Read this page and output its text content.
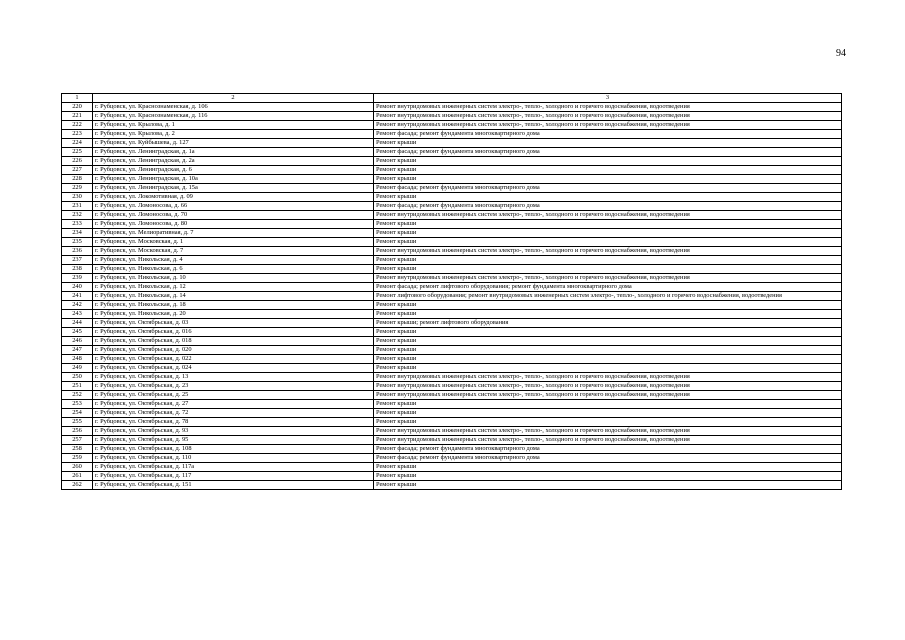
94
1	2	3
220	г. Рубцовск, ул. Краснознаменская, д. 106	Ремонт внутридомовых инженерных систем электро-, тепло-, холодного и горячего водоснабжения, водоотведения
221	г. Рубцовск, ул. Краснознаменская, д. 116	Ремонт внутридомовых инженерных систем электро-, тепло-, холодного и горячего водоснабжения, водоотведения
222	г. Рубцовск, ул. Крылова, д. 1	Ремонт внутридомовых инженерных систем электро-, тепло-, холодного и горячего водоснабжения, водоотведения
223	г. Рубцовск, ул. Крылова, д. 2	Ремонт фасада; ремонт фундамента многоквартирного дома
224	г. Рубцовск, ул. Куйбышева, д. 127	Ремонт крыши
225	г. Рубцовск, ул. Ленинградская, д. 1а	Ремонт фасада; ремонт фундамента многоквартирного дома
226	г. Рубцовск, ул. Ленинградская, д. 2а	Ремонт крыши
227	г. Рубцовск, ул. Ленинградская, д. 6	Ремонт крыши
228	г. Рубцовск, ул. Ленинградская, д. 10а	Ремонт крыши
229	г. Рубцовск, ул. Ленинградская, д. 15а	Ремонт фасада; ремонт фундамента многоквартирного дома
230	г. Рубцовск, ул. Локомотивная, д. 09	Ремонт крыши
231	г. Рубцовск, ул. Ломоносова, д. 66	Ремонт фасада; ремонт фундамента многоквартирного дома
232	г. Рубцовск, ул. Ломоносова, д. 70	Ремонт внутридомовых инженерных систем электро-, тепло-, холодного и горячего водоснабжения, водоотведения
233	г. Рубцовск, ул. Ломоносова, д. 80	Ремонт крыши
234	г. Рубцовск, ул. Мелиоративная, д. 7	Ремонт крыши
235	г. Рубцовск, ул. Московская, д. 1	Ремонт крыши
236	г. Рубцовск, ул. Московская, д. 7	Ремонт внутридомовых инженерных систем электро-, тепло-, холодного и горячего водоснабжения, водоотведения
237	г. Рубцовск, ул. Никольская, д. 4	Ремонт крыши
238	г. Рубцовск, ул. Никольская, д. 6	Ремонт крыши
239	г. Рубцовск, ул. Никольская, д. 10	Ремонт внутридомовых инженерных систем электро-, тепло-, холодного и горячего водоснабжения, водоотведения
240	г. Рубцовск, ул. Никольская, д. 12	Ремонт фасада; ремонт лифтового оборудования; ремонт фундамента многоквартирного дома
241	г. Рубцовск, ул. Никольская, д. 14	Ремонт лифтового оборудования; ремонт внутридомовых инженерных систем электро-, тепло-, холодного и горячего водоснабжения, водоотведения
242	г. Рубцовск, ул. Никольская, д. 18	Ремонт крыши
243	г. Рубцовск, ул. Никольская, д. 20	Ремонт крыши
244	г. Рубцовск, ул. Октябрьская, д. 03	Ремонт крыши; ремонт лифтового оборудования
245	г. Рубцовск, ул. Октябрьская, д. 016	Ремонт крыши
246	г. Рубцовск, ул. Октябрьская, д. 018	Ремонт крыши
247	г. Рубцовск, ул. Октябрьская, д. 020	Ремонт крыши
248	г. Рубцовск, ул. Октябрьская, д. 022	Ремонт крыши
249	г. Рубцовск, ул. Октябрьская, д. 024	Ремонт крыши
250	г. Рубцовск, ул. Октябрьская, д. 13	Ремонт внутридомовых инженерных систем электро-, тепло-, холодного и горячего водоснабжения, водоотведения
251	г. Рубцовск, ул. Октябрьская, д. 23	Ремонт внутридомовых инженерных систем электро-, тепло-, холодного и горячего водоснабжения, водоотведения
252	г. Рубцовск, ул. Октябрьская, д. 25	Ремонт внутридомовых инженерных систем электро-, тепло-, холодного и горячего водоснабжения, водоотведения
253	г. Рубцовск, ул. Октябрьская, д. 27	Ремонт крыши
254	г. Рубцовск, ул. Октябрьская, д. 72	Ремонт крыши
255	г. Рубцовск, ул. Октябрьская, д. 78	Ремонт крыши
256	г. Рубцовск, ул. Октябрьская, д. 93	Ремонт внутридомовых инженерных систем электро-, тепло-, холодного и горячего водоснабжения, водоотведения
257	г. Рубцовск, ул. Октябрьская, д. 95	Ремонт внутридомовых инженерных систем электро-, тепло-, холодного и горячего водоснабжения, водоотведения
258	г. Рубцовск, ул. Октябрьская, д. 108	Ремонт фасада; ремонт фундамента многоквартирного дома
259	г. Рубцовск, ул. Октябрьская, д. 110	Ремонт фасада; ремонт фундамента многоквартирного дома
260	г. Рубцовск, ул. Октябрьская, д. 117а	Ремонт крыши
261	г. Рубцовск, ул. Октябрьская, д. 117	Ремонт крыши
262	г. Рубцовск, ул. Октябрьская, д. 151	Ремонт крыши
